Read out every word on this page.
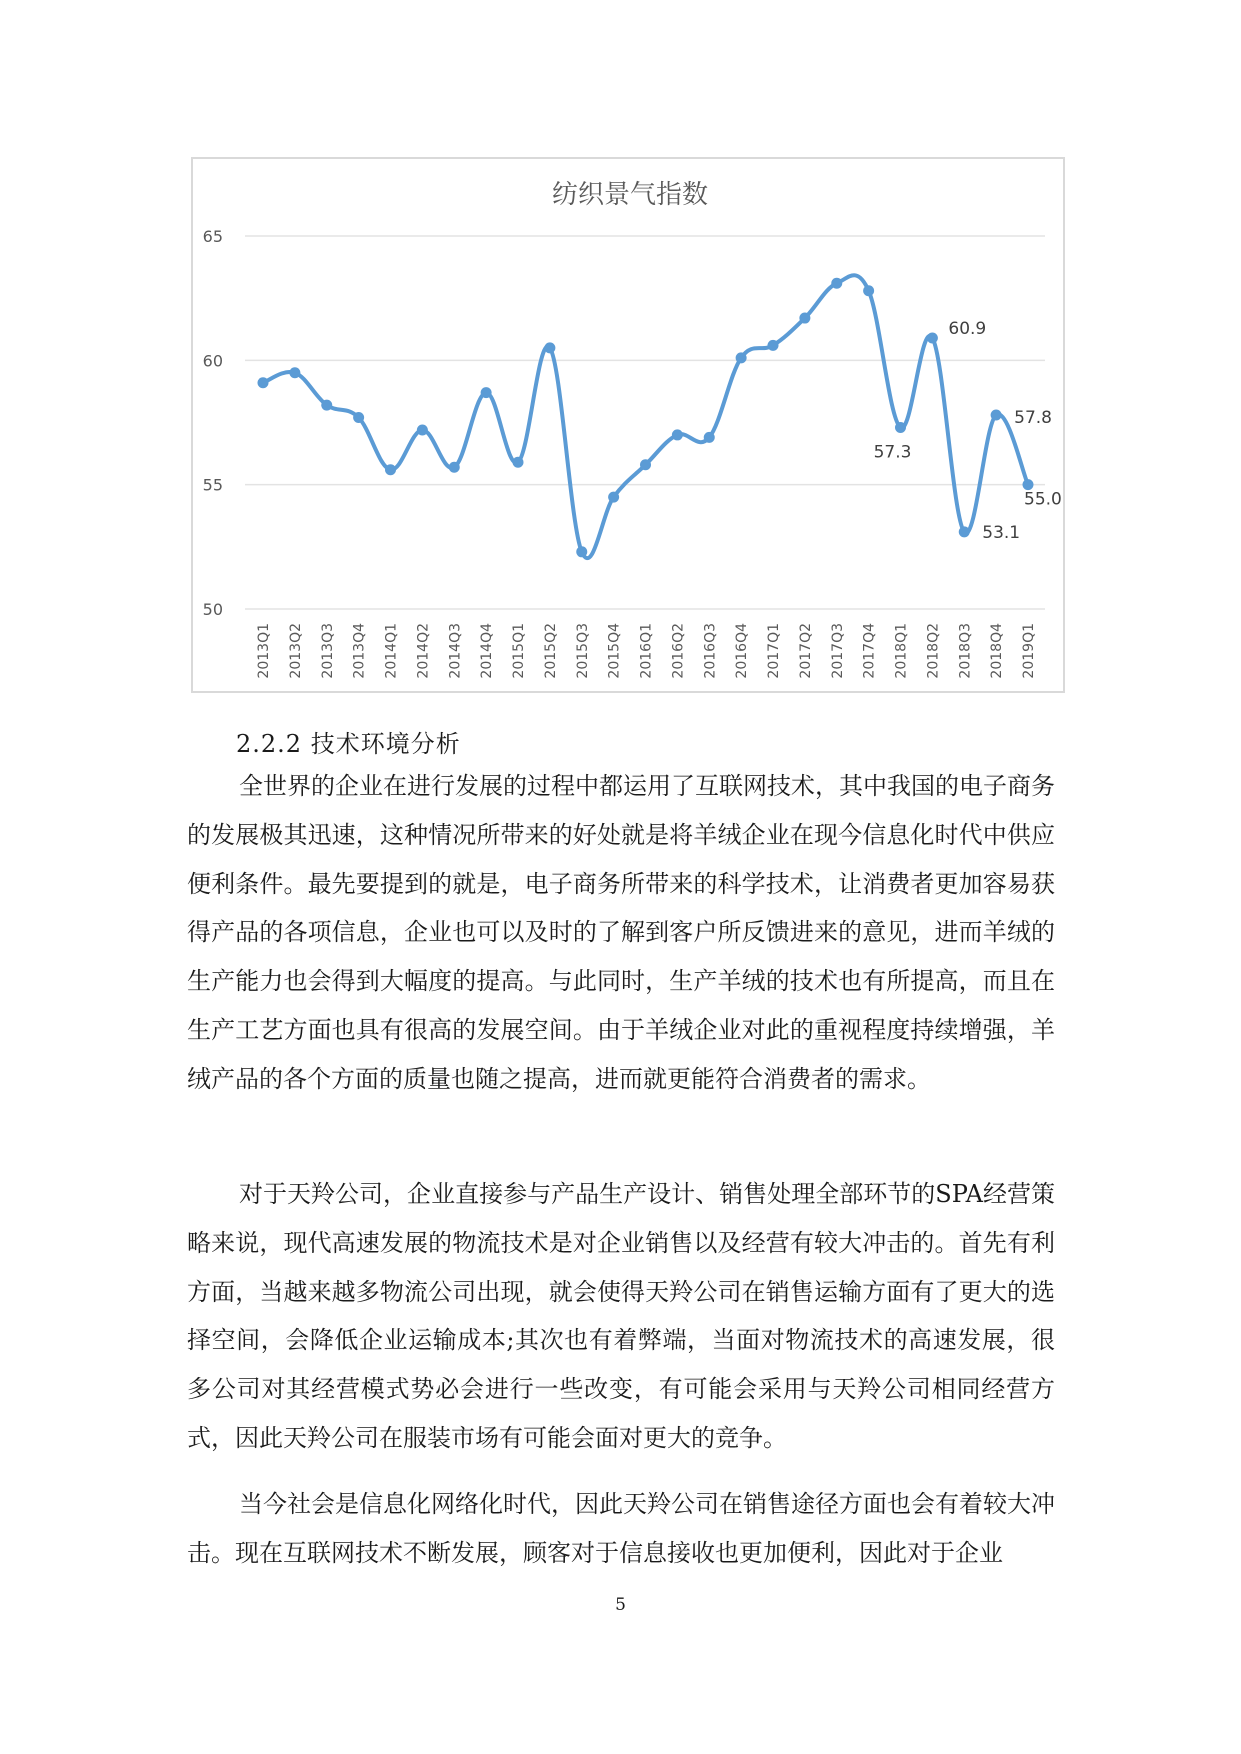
纺织景气指数
50
55
60
65
2013Q1 2013Q2 2013Q3 2013Q4 2014Q1 2014Q2 2014Q3 2014Q4 2015Q1 2015Q2 2015Q3 2015Q4 2016Q1 2016Q2 2016Q3 2016Q4 2017Q1 2017Q2 2017Q3 2017Q4 2018Q1 2018Q2 2018Q3 2018Q4 2019Q1
57.3
60.9
53.1
57.8
55.0
2.2.2 技术环境分析

全世界的企业在进行发展的过程中都运用了互联网技术，其中我国的电子商务的发展极其迅速，这种情况所带来的好处就是将羊绒企业在现今信息化时代中供应便利条件。最先要提到的就是，电子商务所带来的科学技术，让消费者更加容易获得产品的各项信息，企业也可以及时的了解到客户所反馈进来的意见，进而羊绒的生产能力也会得到大幅度的提高。与此同时，生产羊绒的技术也有所提高，而且在生产工艺方面也具有很高的发展空间。由于羊绒企业对此的重视程度持续增强，羊绒产品的各个方面的质量也随之提高，进而就更能符合消费者的需求。

对于天羚公司，企业直接参与产品生产设计、销售处理全部环节的SPA经营策略来说，现代高速发展的物流技术是对企业销售以及经营有较大冲击的。首先有利方面，当越来越多物流公司出现，就会使得天羚公司在销售运输方面有了更大的选择空间，会降低企业运输成本;其次也有着弊端，当面对物流技术的高速发展，很多公司对其经营模式势必会进行一些改变，有可能会采用与天羚公司相同经营方式，因此天羚公司在服装市场有可能会面对更大的竞争。

当今社会是信息化网络化时代，因此天羚公司在销售途径方面也会有着较大冲击。现在互联网技术不断发展，顾客对于信息接收也更加便利，因此对于企业

5
